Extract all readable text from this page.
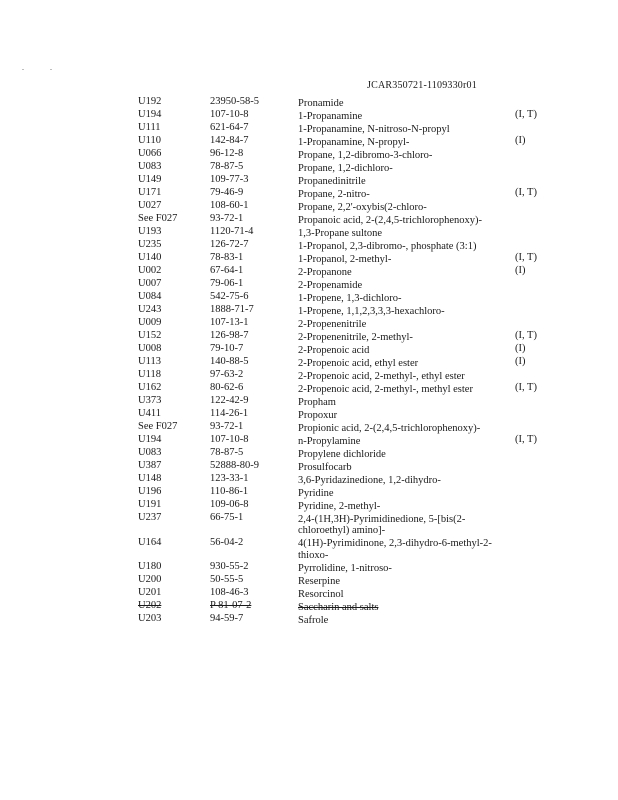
. .
JCAR350721-1109330r01
U192	23950-58-5	Pronamide
U194	107-10-8	1-Propanamine	(I, T)
U111	621-64-7	1-Propanamine, N-nitroso-N-propyl
U110	142-84-7	1-Propanamine, N-propyl-	(I)
U066	96-12-8	Propane, 1,2-dibromo-3-chloro-
U083	78-87-5	Propane, 1,2-dichloro-
U149	109-77-3	Propanedinitrile
U171	79-46-9	Propane, 2-nitro-	(I, T)
U027	108-60-1	Propane, 2,2'-oxybis(2-chloro-
See F027	93-72-1	Propanoic acid, 2-(2,4,5-trichlorophenoxy)-
U193	1120-71-4	1,3-Propane sultone
U235	126-72-7	1-Propanol, 2,3-dibromo-, phosphate (3:1)
U140	78-83-1	1-Propanol, 2-methyl-	(I, T)
U002	67-64-1	2-Propanone	(I)
U007	79-06-1	2-Propenamide
U084	542-75-6	1-Propene, 1,3-dichloro-
U243	1888-71-7	1-Propene, 1,1,2,3,3,3-hexachloro-
U009	107-13-1	2-Propenenitrile
U152	126-98-7	2-Propenenitrile, 2-methyl-	(I, T)
U008	79-10-7	2-Propenoic acid	(I)
U113	140-88-5	2-Propenoic acid, ethyl ester	(I)
U118	97-63-2	2-Propenoic acid, 2-methyl-, ethyl ester
U162	80-62-6	2-Propenoic acid, 2-methyl-, methyl ester	(I, T)
U373	122-42-9	Propham
U411	114-26-1	Propoxur
See F027	93-72-1	Propionic acid, 2-(2,4,5-trichlorophenoxy)-
U194	107-10-8	n-Propylamine	(I, T)
U083	78-87-5	Propylene dichloride
U387	52888-80-9	Prosulfocarb
U148	123-33-1	3,6-Pyridazinedione, 1,2-dihydro-
U196	110-86-1	Pyridine
U191	109-06-8	Pyridine, 2-methyl-
U237	66-75-1	2,4-(1H,3H)-Pyrimidinedione, 5-[bis(2-chloroethyl) amino]-
U164	56-04-2	4(1H)-Pyrimidinone, 2,3-dihydro-6-methyl-2-thioxo-
U180	930-55-2	Pyrrolidine, 1-nitroso-
U200	50-55-5	Reserpine
U201	108-46-3	Resorcinol
U202	P 81-07-2	Saccharin and salts
U203	94-59-7	Safrole
